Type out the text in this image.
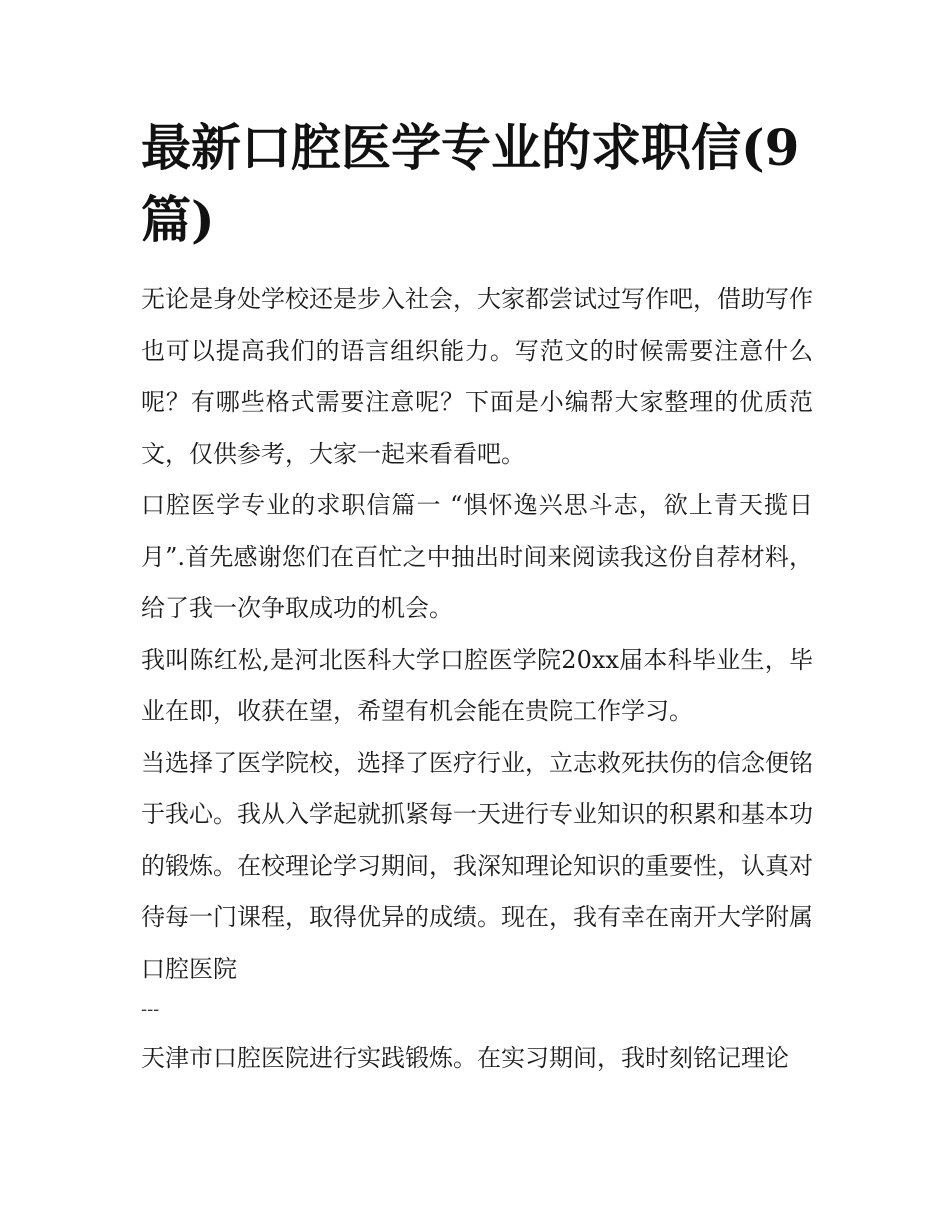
最新口腔医学专业的求职信(9篇)

无论是身处学校还是步入社会，大家都尝试过写作吧，借助写作也可以提高我们的语言组织能力。写范文的时候需要注意什么呢？有哪些格式需要注意呢？下面是小编帮大家整理的优质范文，仅供参考，大家一起来看看吧。

口腔医学专业的求职信篇一 “惧怀逸兴思斗志，欲上青天揽日月”.首先感谢您们在百忙之中抽出时间来阅读我这份自荐材料，给了我一次争取成功的机会。

我叫陈红松,是河北医科大学口腔医学院20xx届本科毕业生，毕业在即，收获在望，希望有机会能在贵院工作学习。

当选择了医学院校，选择了医疗行业，立志救死扶伤的信念便铭于我心。我从入学起就抓紧每一天进行专业知识的积累和基本功的锻炼。在校理论学习期间，我深知理论知识的重要性，认真对待每一门课程，取得优异的成绩。现在，我有幸在南开大学附属口腔医院

---

天津市口腔医院进行实践锻炼。在实习期间，我时刻铭记理论
